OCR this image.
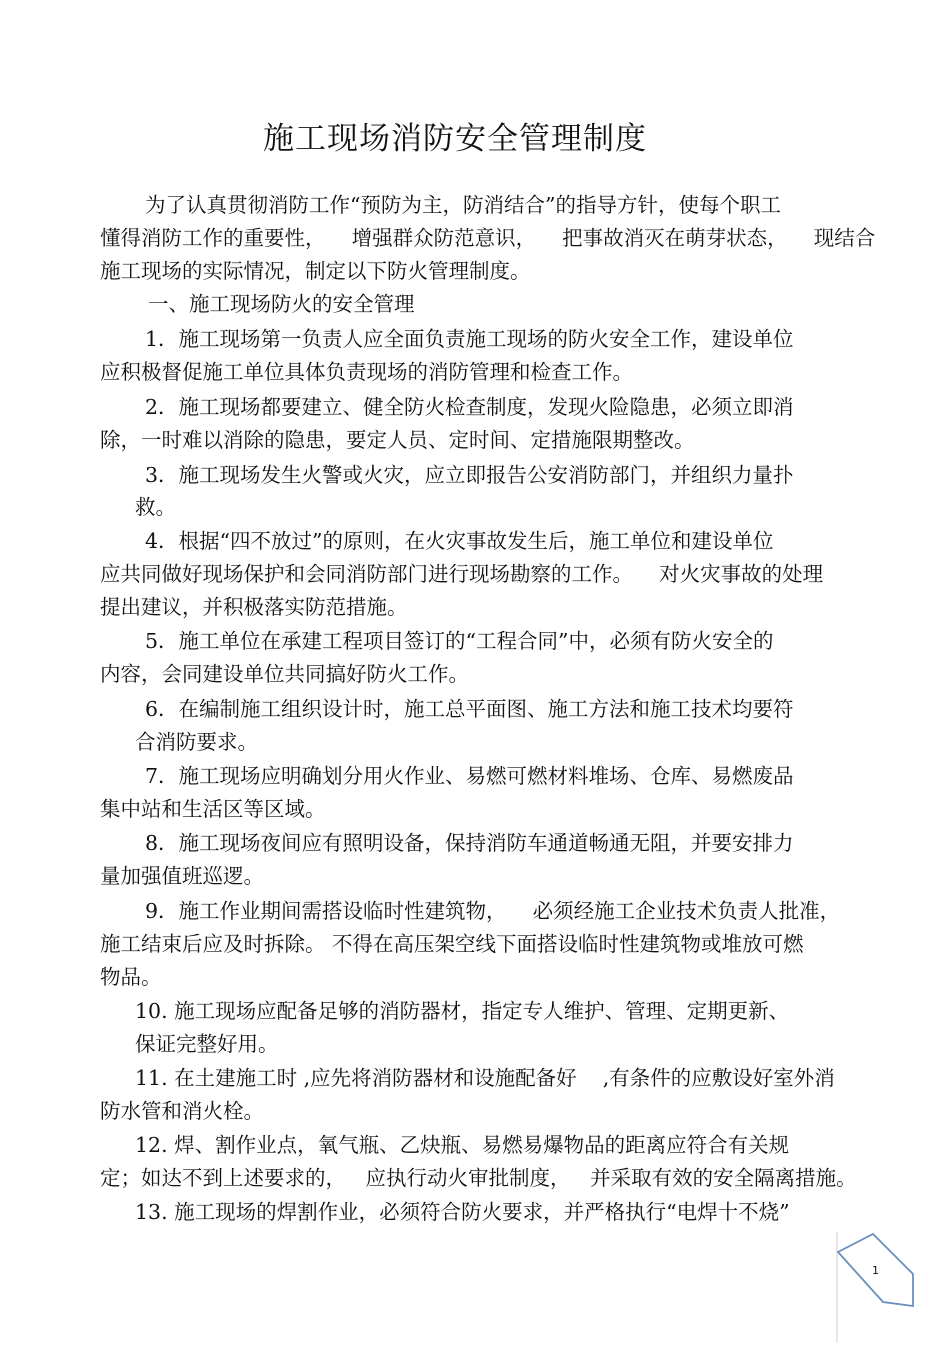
施工现场消防安全管理制度
为了认真贯彻消防工作“预防为主，防消结合”的指导方针，使每个职工
懂得消防工作的重要性，    增强群众防范意识，    把事故消灭在萌芽状态，    现结合
施工现场的实际情况，制定以下防火管理制度。
一、施工现场防火的安全管理
1．施工现场第一负责人应全面负责施工现场的防火安全工作，建设单位
应积极督促施工单位具体负责现场的消防管理和检查工作。
2．施工现场都要建立、健全防火检查制度，发现火险隐患，必须立即消
除，一时难以消除的隐患，要定人员、定时间、定措施限期整改。
3．施工现场发生火警或火灾，应立即报告公安消防部门，并组织力量扑
救。
4．根据“四不放过”的原则，在火灾事故发生后，施工单位和建设单位
应共同做好现场保护和会同消防部门进行现场勘察的工作。    对火灾事故的处理
提出建议，并积极落实防范措施。
5．施工单位在承建工程项目签订的“工程合同”中，必须有防火安全的
内容，会同建设单位共同搞好防火工作。
6．在编制施工组织设计时，施工总平面图、施工方法和施工技术均要符
合消防要求。
7．施工现场应明确划分用火作业、易燃可燃材料堆场、仓库、易燃废品
集中站和生活区等区域。
8．施工现场夜间应有照明设备，保持消防车通道畅通无阻，并要安排力
量加强值班巡逻。
9．施工作业期间需搭设临时性建筑物，    必须经施工企业技术负责人批准，
施工结束后应及时拆除。 不得在高压架空线下面搭设临时性建筑物或堆放可燃
物品。
10. 施工现场应配备足够的消防器材，指定专人维护、管理、定期更新、
保证完整好用。
11. 在土建施工时 ,应先将消防器材和设施配备好    ,有条件的应敷设好室外消
防水管和消火栓。
12. 焊、割作业点，氧气瓶、乙炔瓶、易燃易爆物品的距离应符合有关规
定；如达不到上述要求的，   应执行动火审批制度，   并采取有效的安全隔离措施。
13. 施工现场的焊割作业，必须符合防火要求，并严格执行“电焊十不烧”
1
